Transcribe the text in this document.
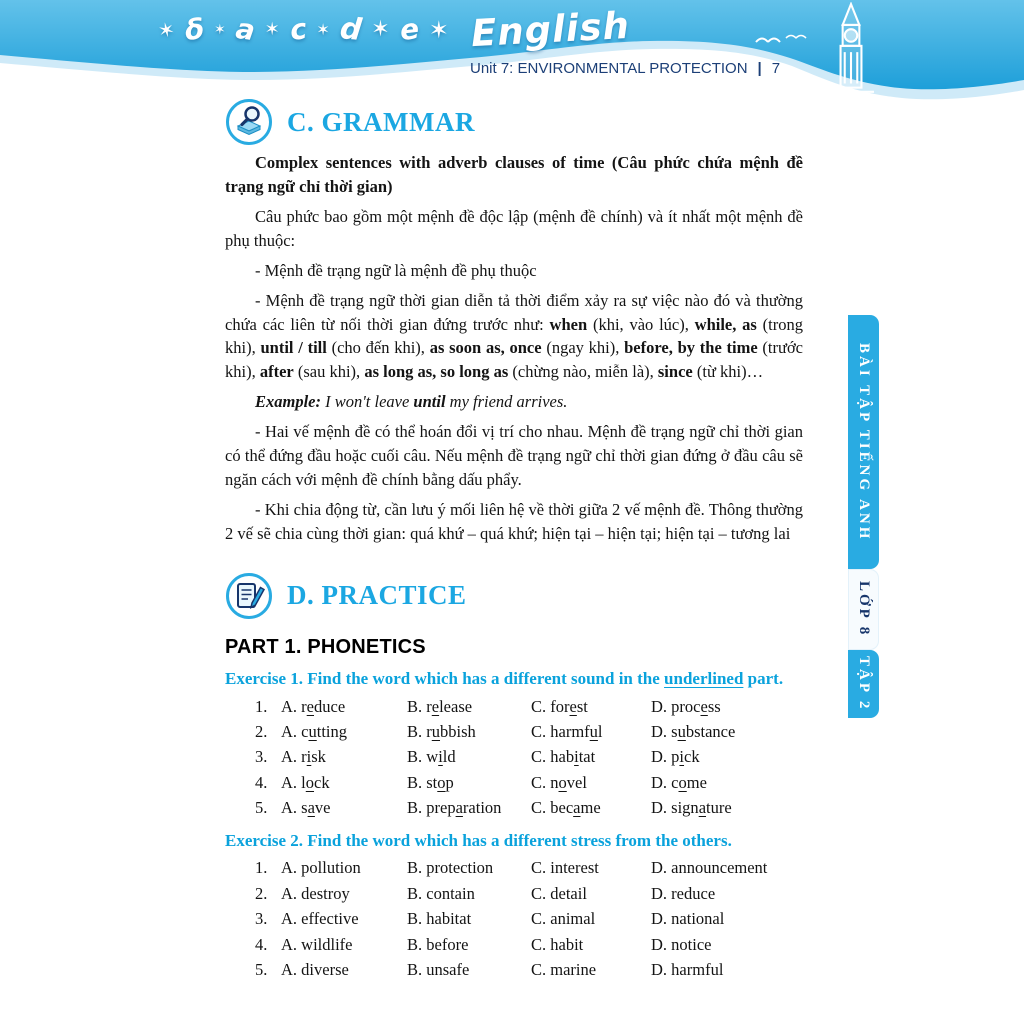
✶ δ ✶ a ✶ c ✶ d ✶ e ✶ English
Unit 7: ENVIRONMENTAL PROTECTION | 7
C. GRAMMAR

Complex sentences with adverb clauses of time (Câu phức chứa mệnh đề trạng ngữ chỉ thời gian)

Câu phức bao gồm một mệnh đề độc lập (mệnh đề chính) và ít nhất một mệnh đề phụ thuộc:

- Mệnh đề trạng ngữ là mệnh đề phụ thuộc

- Mệnh đề trạng ngữ thời gian diễn tả thời điểm xảy ra sự việc nào đó và thường chứa các liên từ nối thời gian đứng trước như: when (khi, vào lúc), while, as (trong khi), until / till (cho đến khi), as soon as, once (ngay khi), before, by the time (trước khi), after (sau khi), as long as, so long as (chừng nào, miễn là), since (từ khi)…

Example: I won't leave until my friend arrives.

- Hai vế mệnh đề có thể hoán đổi vị trí cho nhau. Mệnh đề trạng ngữ chỉ thời gian có thể đứng đầu hoặc cuối câu. Nếu mệnh đề trạng ngữ chỉ thời gian đứng ở đầu câu sẽ ngăn cách với mệnh đề chính bằng dấu phẩy.

- Khi chia động từ, cần lưu ý mối liên hệ về thời giữa 2 vế mệnh đề. Thông thường 2 vế sẽ chia cùng thời gian: quá khứ – quá khứ; hiện tại – hiện tại; hiện tại – tương lai

D. PRACTICE
PART 1. PHONETICS

Exercise 1. Find the word which has a different sound in the underlined part.

1. A. reduce	B. release	C. forest	D. process
2. A. cutting	B. rubbish	C. harmful	D. substance
3. A. risk	B. wild	C. habitat	D. pick
4. A. lock	B. stop	C. novel	D. come
5. A. save	B. preparation	C. became	D. signature

Exercise 2. Find the word which has a different stress from the others.

1. A. pollution	B. protection	C. interest	D. announcement
2. A. destroy	B. contain	C. detail	D. reduce
3. A. effective	B. habitat	C. animal	D. national
4. A. wildlife	B. before	C. habit	D. notice
5. A. diverse	B. unsafe	C. marine	D. harmful
BÀI TẬP TIẾNG ANH
LỚP 8
TẬP 2
